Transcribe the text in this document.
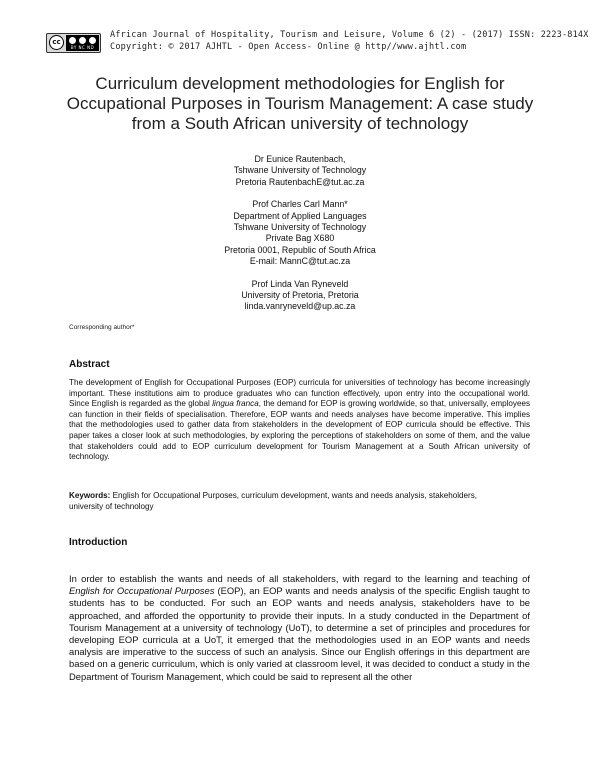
cc
BY NC ND
African Journal of Hospitality, Tourism and Leisure, Volume 6 (2) - (2017) ISSN: 2223-814X
Copyright: © 2017 AJHTL - Open Access- Online @ http//www.ajhtl.com
Curriculum development methodologies for English for Occupational Purposes in Tourism Management: A case study from a South African university of technology
Dr Eunice Rautenbach,
Tshwane University of Technology
Pretoria RautenbachE@tut.ac.za
Prof Charles Carl Mann*
Department of Applied Languages
Tshwane University of Technology
Private Bag X680
Pretoria 0001, Republic of South Africa
E-mail: MannC@tut.ac.za
Prof Linda Van Ryneveld
University of Pretoria, Pretoria
linda.vanryneveld@up.ac.za
Corresponding author*
Abstract
The development of English for Occupational Purposes (EOP) curricula for universities of technology has become increasingly important. These institutions aim to produce graduates who can function effectively, upon entry into the occupational world. Since English is regarded as the global lingua franca, the demand for EOP is growing worldwide, so that, universally, employees can function in their fields of specialisation. Therefore, EOP wants and needs analyses have become imperative. This implies that the methodologies used to gather data from stakeholders in the development of EOP curricula should be effective. This paper takes a closer look at such methodologies, by exploring the perceptions of stakeholders on some of them, and the value that stakeholders could add to EOP curriculum development for Tourism Management at a South African university of technology.
Keywords: English for Occupational Purposes, curriculum development, wants and needs analysis, stakeholders, university of technology
Introduction
In order to establish the wants and needs of all stakeholders, with regard to the learning and teaching of English for Occupational Purposes (EOP), an EOP wants and needs analysis of the specific English taught to students has to be conducted. For such an EOP wants and needs analysis, stakeholders have to be approached, and afforded the opportunity to provide their inputs. In a study conducted in the Department of Tourism Management at a university of technology (UoT), to determine a set of principles and procedures for developing EOP curricula at a UoT, it emerged that the methodologies used in an EOP wants and needs analysis are imperative to the success of such an analysis. Since our English offerings in this department are based on a generic curriculum, which is only varied at classroom level, it was decided to conduct a study in the Department of Tourism Management, which could be said to represent all the other
